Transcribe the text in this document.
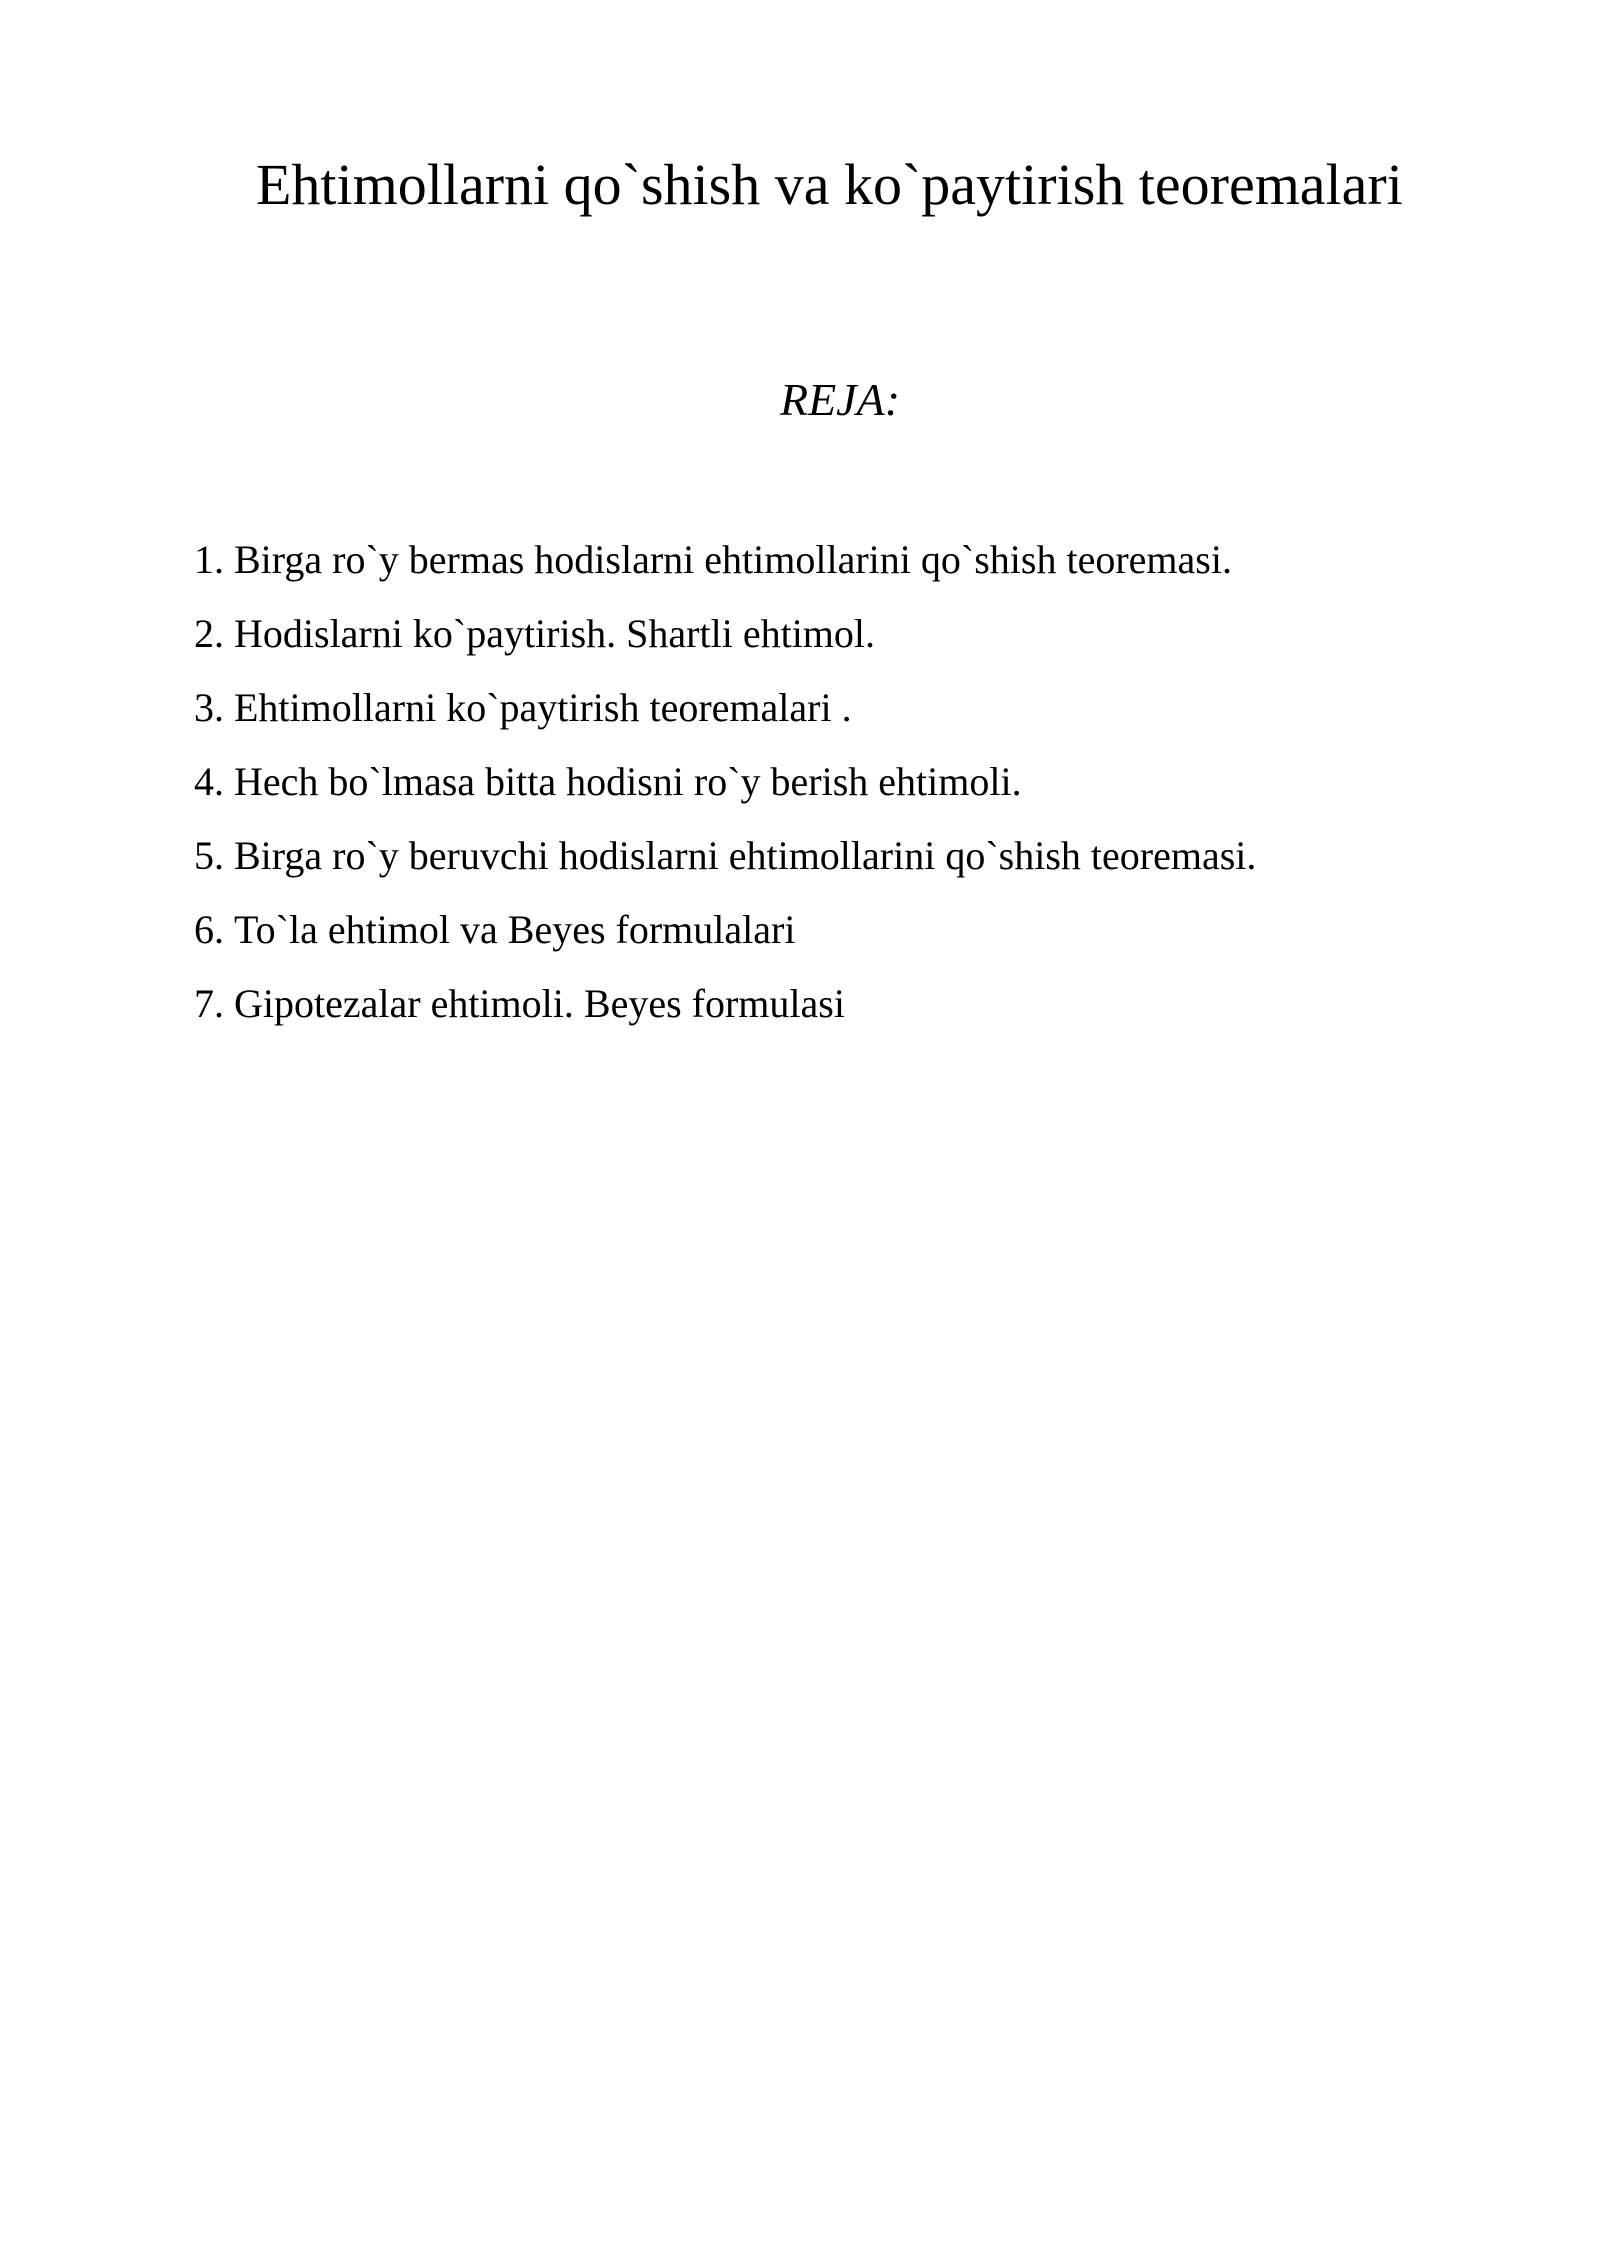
Ehtimollarni qo`shish va ko`paytirish teoremalari
REJA:
1. Birga ro`y bermas hodislarni ehtimollarini qo`shish teoremasi.
2. Hodislarni ko`paytirish. Shartli ehtimol.
3. Ehtimollarni ko`paytirish teoremalari .
4. Hech bo`lmasa bitta hodisni ro`y berish ehtimoli.
5. Birga ro`y beruvchi hodislarni ehtimollarini qo`shish teoremasi.
6. To`la ehtimol va Beyes formulalari
7. Gipotezalar ehtimoli. Beyes formulasi
